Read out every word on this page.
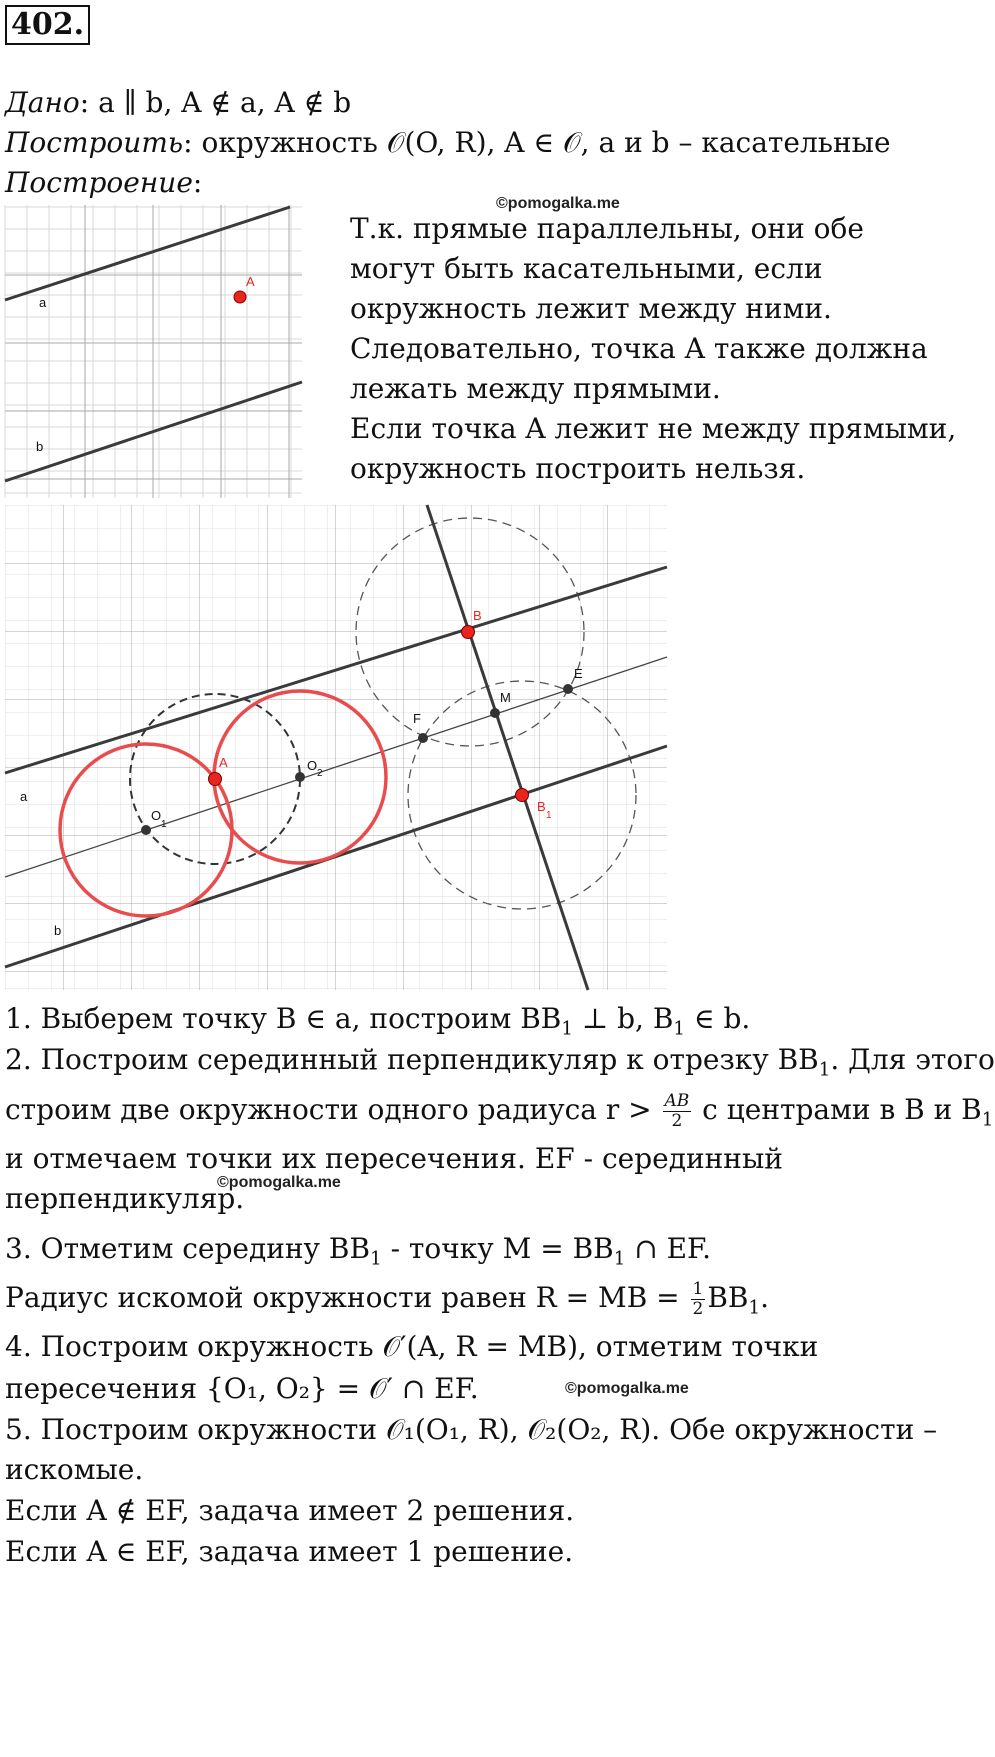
402.
Дано: a ∥ b, A ∉ a, A ∉ b
Построить: окружность 𝒪(O, R), A ∈ 𝒪, a и b – касательные
Построение:
©pomogalka.me
a
b
A
Т.к. прямые параллельны, они обе
могут быть касательными, если
окружность лежит между ними.
Следовательно, точка A также должна
лежать между прямыми.
Если точка A лежит не между прямыми,
окружность построить нельзя.
a
b
A
B
B
1
M
E
F
O
1
O
2
1. Выберем точку B ∈ a, построим $BB_1$ ⊥ b, $B_1$ ∈ b.
2. Построим серединный перпендикуляр к отрезку $BB_1$. Для этого
строим две окружности одного радиуса $r > \frac{AB}{2}$ с центрами в B и $B_1$
и отмечаем точки их пересечения. EF - серединный
перпендикуляр.
©pomogalka.me
3. Отметим середину $BB_1$ - точку $M = BB_1$ ∩ EF.
Радиус искомой окружности равен R = MB = $\frac{1}{2} BB_1$.
4. Построим окружность 𝒪′(A, R = MB), отметим точки
пересечения {O₁, O₂} = 𝒪′ ∩ EF.	©pomogalka.me
5. Построим окружности 𝒪₁(O₁, R), 𝒪₂(O₂, R). Обе окружности –
искомые.
Если A ∉ EF, задача имеет 2 решения.
Если A ∈ EF, задача имеет 1 решение.
